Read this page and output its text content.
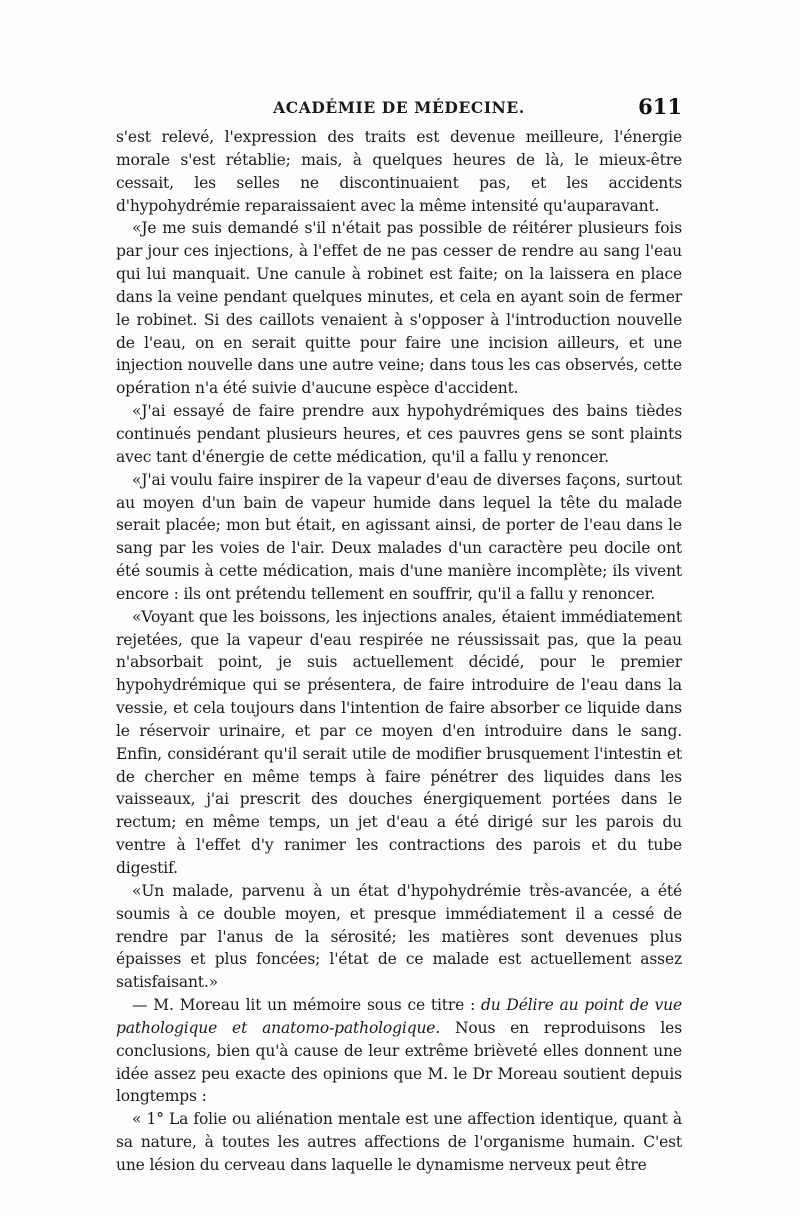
ACADÉMIE DE MÉDECINE.	611

s'est relevé, l'expression des traits est devenue meilleure, l'énergie morale s'est rétablie; mais, à quelques heures de là, le mieux-être cessait, les selles ne discontinuaient pas, et les accidents d'hypohydrémie reparaissaient avec la même intensité qu'auparavant.

«Je me suis demandé s'il n'était pas possible de réitérer plusieurs fois par jour ces injections, à l'effet de ne pas cesser de rendre au sang l'eau qui lui manquait. Une canule à robinet est faite; on la laissera en place dans la veine pendant quelques minutes, et cela en ayant soin de fermer le robinet. Si des caillots venaient à s'opposer à l'introduction nouvelle de l'eau, on en serait quitte pour faire une incision ailleurs, et une injection nouvelle dans une autre veine; dans tous les cas observés, cette opération n'a été suivie d'aucune espèce d'accident.

«J'ai essayé de faire prendre aux hypohydrémiques des bains tièdes continués pendant plusieurs heures, et ces pauvres gens se sont plaints avec tant d'énergie de cette médication, qu'il a fallu y renoncer.

«J'ai voulu faire inspirer de la vapeur d'eau de diverses façons, surtout au moyen d'un bain de vapeur humide dans lequel la tête du malade serait placée; mon but était, en agissant ainsi, de porter de l'eau dans le sang par les voies de l'air. Deux malades d'un caractère peu docile ont été soumis à cette médication, mais d'une manière incomplète; ils vivent encore : ils ont prétendu tellement en souffrir, qu'il a fallu y renoncer.

«Voyant que les boissons, les injections anales, étaient immédiatement rejetées, que la vapeur d'eau respirée ne réussissait pas, que la peau n'absorbait point, je suis actuellement décidé, pour le premier hypohydrémique qui se présentera, de faire introduire de l'eau dans la vessie, et cela toujours dans l'intention de faire absorber ce liquide dans le réservoir urinaire, et par ce moyen d'en introduire dans le sang. Enfin, considérant qu'il serait utile de modifier brusquement l'intestin et de chercher en même temps à faire pénétrer des liquides dans les vaisseaux, j'ai prescrit des douches énergiquement portées dans le rectum; en même temps, un jet d'eau a été dirigé sur les parois du ventre à l'effet d'y ranimer les contractions des parois et du tube digestif.

«Un malade, parvenu à un état d'hypohydrémie très-avancée, a été soumis à ce double moyen, et presque immédiatement il a cessé de rendre par l'anus de la sérosité; les matières sont devenues plus épaisses et plus foncées; l'état de ce malade est actuellement assez satisfaisant.»

— M. Moreau lit un mémoire sous ce titre : du Délire au point de vue pathologique et anatomo-pathologique. Nous en reproduisons les conclusions, bien qu'à cause de leur extrême brièveté elles donnent une idée assez peu exacte des opinions que M. le Dr Moreau soutient depuis longtemps :

« 1° La folie ou aliénation mentale est une affection identique, quant à sa nature, à toutes les autres affections de l'organisme humain. C'est une lésion du cerveau dans laquelle le dynamisme nerveux peut être
